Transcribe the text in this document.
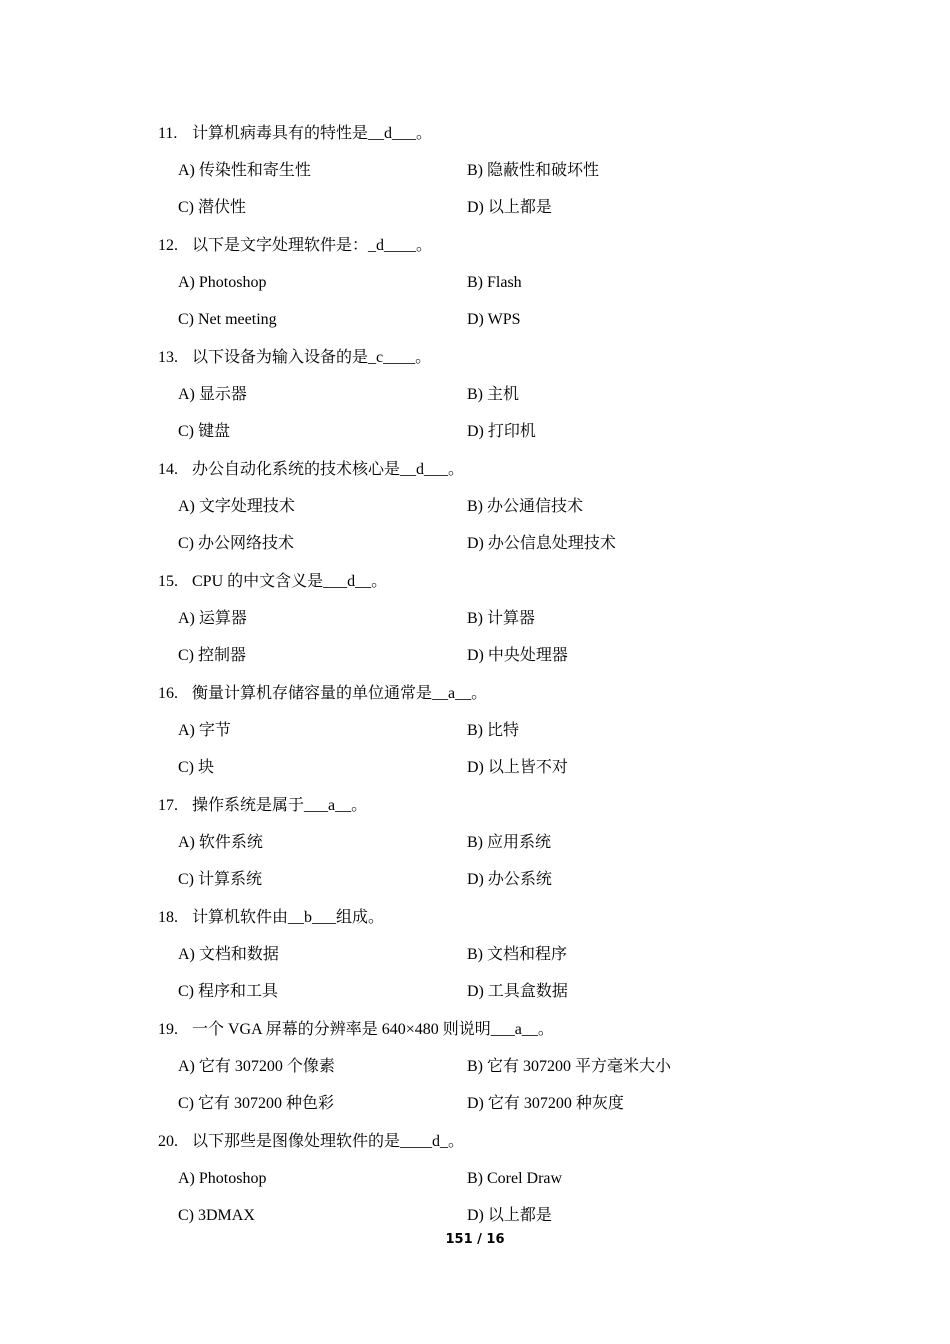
11. 计算机病毒具有的特性是__d___。
A) 传染性和寄生性	B) 隐蔽性和破坏性
C) 潜伏性	D) 以上都是
12. 以下是文字处理软件是：_d____。
A) Photoshop	B) Flash
C) Net meeting	D) WPS
13. 以下设备为输入设备的是_c____。
A) 显示器	B) 主机
C) 键盘	D) 打印机
14. 办公自动化系统的技术核心是__d___。
A) 文字处理技术	B) 办公通信技术
C) 办公网络技术	D) 办公信息处理技术
15. CPU 的中文含义是___d__。
A) 运算器	B) 计算器
C) 控制器	D) 中央处理器
16. 衡量计算机存储容量的单位通常是__a__。
A) 字节	B) 比特
C) 块	D) 以上皆不对
17. 操作系统是属于___a__。
A) 软件系统	B) 应用系统
C) 计算系统	D) 办公系统
18. 计算机软件由__b___组成。
A) 文档和数据	B) 文档和程序
C) 程序和工具	D) 工具盒数据
19. 一个 VGA 屏幕的分辨率是 640×480 则说明___a__。
A) 它有 307200 个像素	B) 它有 307200 平方毫米大小
C) 它有 307200 种色彩	D) 它有 307200 种灰度
20. 以下那些是图像处理软件的是____d_。
A) Photoshop	B) Corel Draw
C) 3DMAX	D) 以上都是
151 / 16
